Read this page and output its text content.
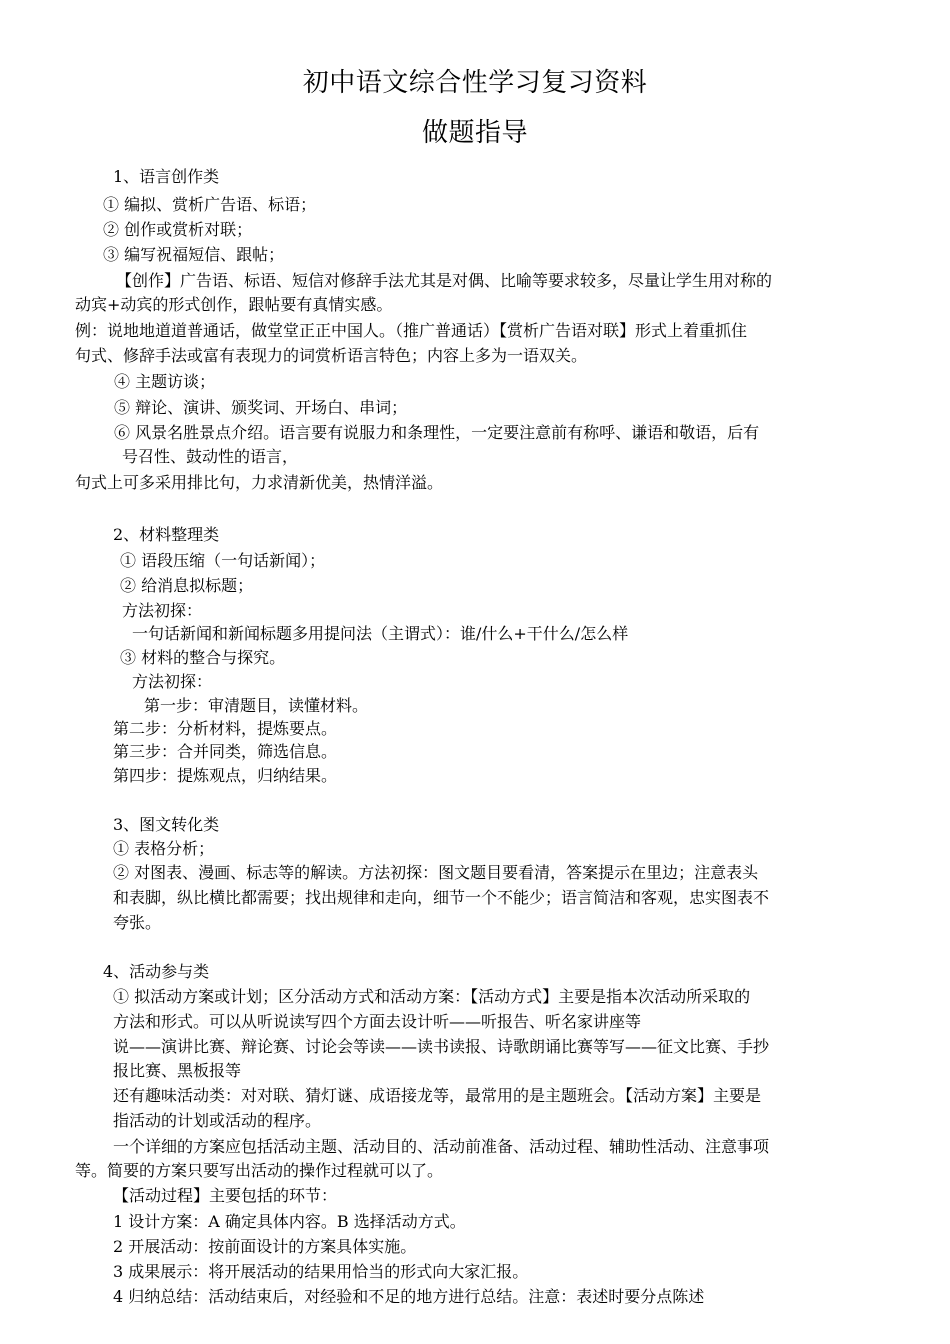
初中语文综合性学习复习资料
做题指导
1、语言创作类
① 编拟、赏析广告语、标语；
② 创作或赏析对联；
③ 编写祝福短信、跟帖；
【创作】广告语、标语、短信对修辞手法尤其是对偶、比喻等要求较多，尽量让学生用对称的
动宾+动宾的形式创作，跟帖要有真情实感。
例：说地地道道普通话，做堂堂正正中国人。（推广普通话）【赏析广告语对联】形式上着重抓住
句式、修辞手法或富有表现力的词赏析语言特色；内容上多为一语双关。
④ 主题访谈；
⑤ 辩论、演讲、颁奖词、开场白、串词；
⑥ 风景名胜景点介绍。语言要有说服力和条理性，一定要注意前有称呼、谦语和敬语，后有
号召性、鼓动性的语言，
句式上可多采用排比句，力求清新优美，热情洋溢。
2、材料整理类
① 语段压缩（一句话新闻）；
② 给消息拟标题；
方法初探：
一句话新闻和新闻标题多用提问法（主谓式）：谁/什么+干什么/怎么样
③ 材料的整合与探究。
方法初探：
第一步：审清题目，读懂材料。
第二步：分析材料，提炼要点。
第三步：合并同类，筛选信息。
第四步：提炼观点，归纳结果。
3、图文转化类
① 表格分析；
② 对图表、漫画、标志等的解读。方法初探：图文题目要看清，答案提示在里边；注意表头
和表脚，纵比横比都需要；找出规律和走向，细节一个不能少；语言简洁和客观，忠实图表不
夸张。
4、活动参与类
① 拟活动方案或计划；区分活动方式和活动方案：【活动方式】主要是指本次活动所采取的
方法和形式。可以从听说读写四个方面去设计听——听报告、听名家讲座等
说——演讲比赛、辩论赛、讨论会等读——读书读报、诗歌朗诵比赛等写——征文比赛、手抄
报比赛、黑板报等
还有趣味活动类：对对联、猜灯谜、成语接龙等，最常用的是主题班会。【活动方案】主要是
指活动的计划或活动的程序。
一个详细的方案应包括活动主题、活动目的、活动前准备、活动过程、辅助性活动、注意事项
等。简要的方案只要写出活动的操作过程就可以了。
【活动过程】主要包括的环节：
1 设计方案：A 确定具体内容。B 选择活动方式。
2 开展活动：按前面设计的方案具体实施。
3 成果展示：将开展活动的结果用恰当的形式向大家汇报。
4 归纳总结：活动结束后，对经验和不足的地方进行总结。注意：表述时要分点陈述
